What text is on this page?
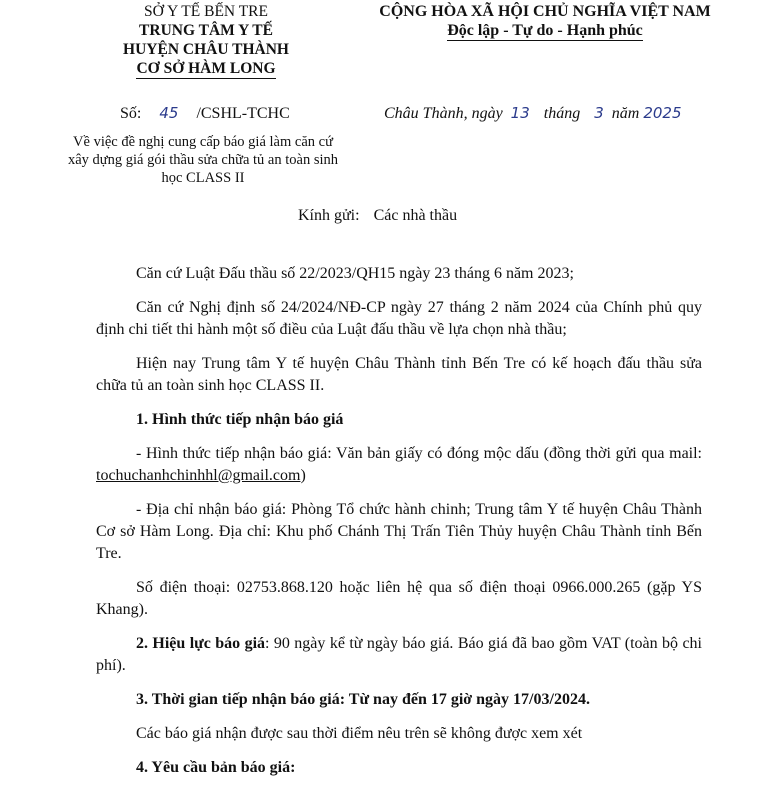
SỞ Y TẾ BẾN TRE
TRUNG TÂM Y TẾ
HUYỆN CHÂU THÀNH
CƠ SỞ HÀM LONG
CỘNG HÒA XÃ HỘI CHỦ NGHĨA VIỆT NAM
Độc lập - Tự do - Hạnh phúc
Số: 45 /CSHL-TCHC	Châu Thành, ngày 13 tháng 3 năm 2025
Về việc đề nghị cung cấp báo giá làm căn cứ xây dựng giá gói thầu sửa chữa tủ an toàn sinh học CLASS II
Kính gửi: Các nhà thầu

Căn cứ Luật Đấu thầu số 22/2023/QH15 ngày 23 tháng 6 năm 2023;

Căn cứ Nghị định số 24/2024/NĐ-CP ngày 27 tháng 2 năm 2024 của Chính phủ quy định chi tiết thi hành một số điều của Luật đấu thầu về lựa chọn nhà thầu;

Hiện nay Trung tâm Y tế huyện Châu Thành tỉnh Bến Tre có kế hoạch đấu thầu sửa chữa tủ an toàn sinh học CLASS II.

1. Hình thức tiếp nhận báo giá

- Hình thức tiếp nhận báo giá: Văn bản giấy có đóng mộc dấu (đồng thời gửi qua mail: tochuchanhchinhhl@gmail.com)

- Địa chỉ nhận báo giá: Phòng Tổ chức hành chinh; Trung tâm Y tế huyện Châu Thành Cơ sở Hàm Long. Địa chỉ: Khu phố Chánh Thị Trấn Tiên Thủy huyện Châu Thành tỉnh Bến Tre.

Số điện thoại: 02753.868.120 hoặc liên hệ qua số điện thoại 0966.000.265 (gặp YS Khang).

2. Hiệu lực báo giá: 90 ngày kể từ ngày báo giá. Báo giá đã bao gồm VAT (toàn bộ chi phí).

3. Thời gian tiếp nhận báo giá: Từ nay đến 17 giờ ngày 17/03/2024.

Các báo giá nhận được sau thời điểm nêu trên sẽ không được xem xét

4. Yêu cầu bản báo giá:
